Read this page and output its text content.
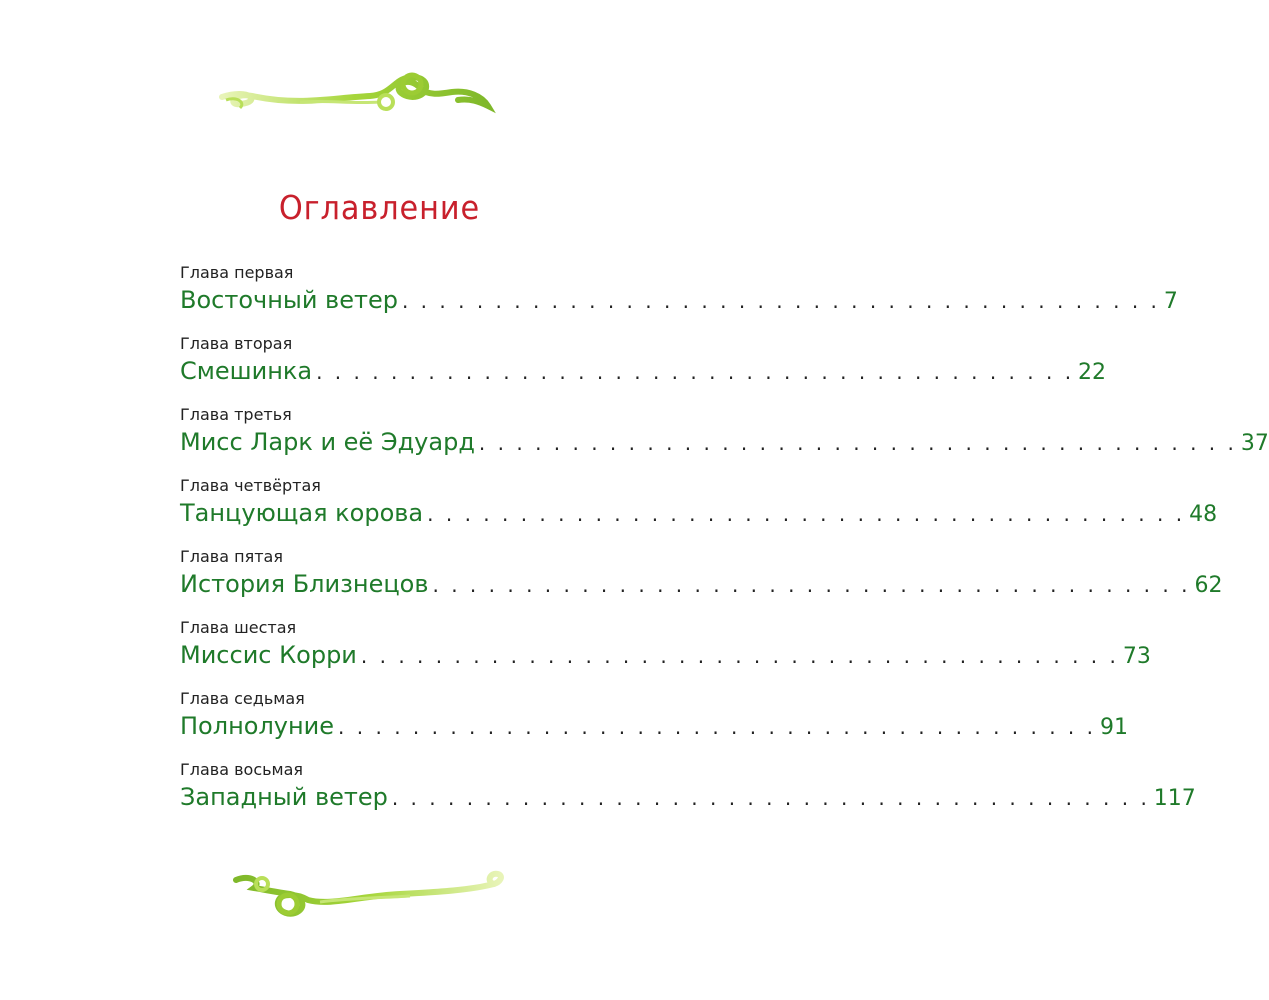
Оглавление
Глава первая
Восточный ветер . . . . . . . . . . . . . . . . . . . . . . . . . . . . . . . . . . . . . . . . . 7
Глава вторая
Смешинка . . . . . . . . . . . . . . . . . . . . . . . . . . . . . . . . . . . . . . . . . 22
Глава третья
Мисс Ларк и её Эдуард . . . . . . . . . . . . . . . . . . . . . . . . . . . . . . . . . . . . . . . . . 37
Глава четвёртая
Танцующая корова . . . . . . . . . . . . . . . . . . . . . . . . . . . . . . . . . . . . . . . . . 48
Глава пятая
История Близнецов . . . . . . . . . . . . . . . . . . . . . . . . . . . . . . . . . . . . . . . . . 62
Глава шестая
Миссис Корри . . . . . . . . . . . . . . . . . . . . . . . . . . . . . . . . . . . . . . . . . 73
Глава седьмая
Полнолуние . . . . . . . . . . . . . . . . . . . . . . . . . . . . . . . . . . . . . . . . . 91
Глава восьмая
Западный ветер . . . . . . . . . . . . . . . . . . . . . . . . . . . . . . . . . . . . . . . . . 117
